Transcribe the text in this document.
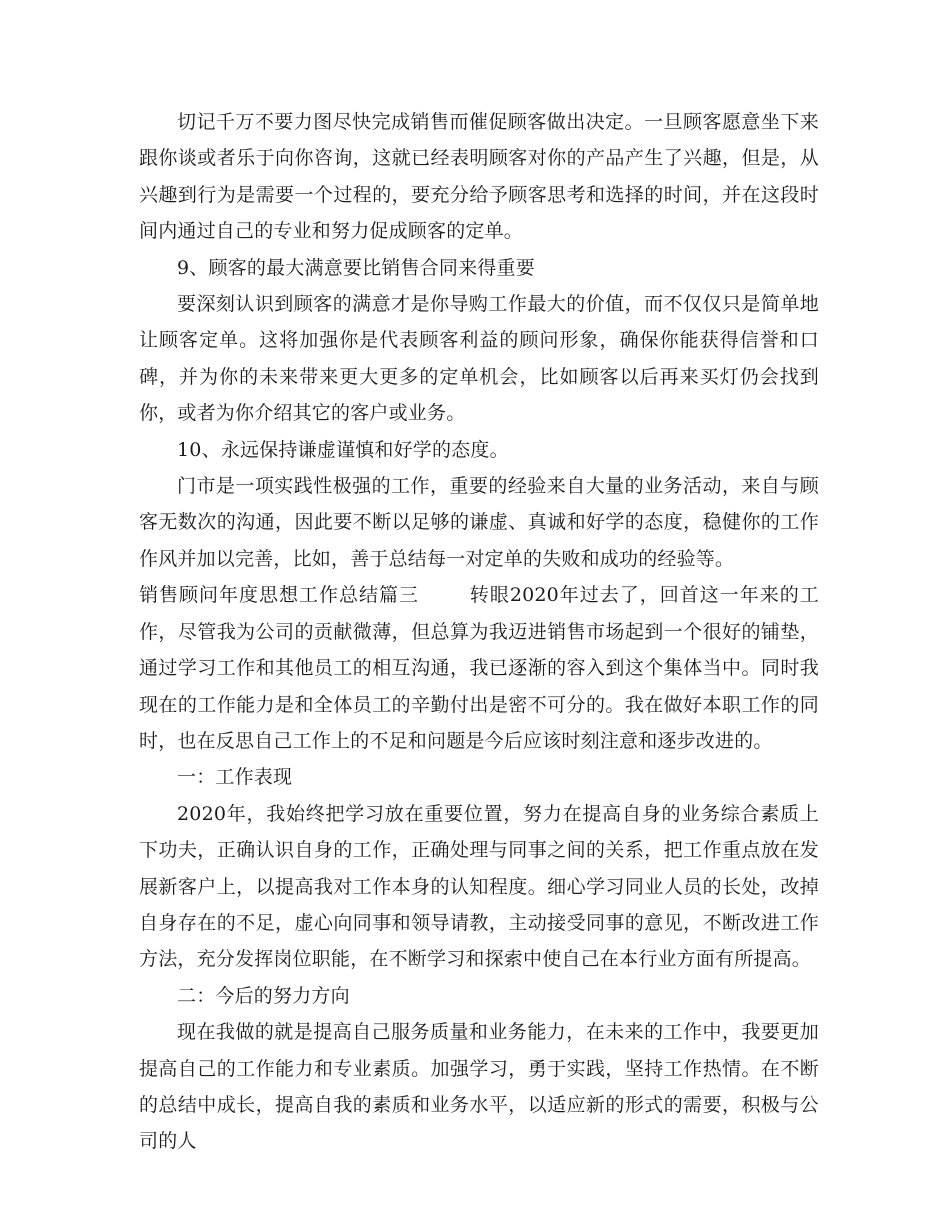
切记千万不要力图尽快完成销售而催促顾客做出决定。一旦顾客愿意坐下来跟你谈或者乐于向你咨询，这就已经表明顾客对你的产品产生了兴趣，但是，从兴趣到行为是需要一个过程的，要充分给予顾客思考和选择的时间，并在这段时间内通过自己的专业和努力促成顾客的定单。

9、顾客的最大满意要比销售合同来得重要

要深刻认识到顾客的满意才是你导购工作最大的价值，而不仅仅只是简单地让顾客定单。这将加强你是代表顾客利益的顾问形象，确保你能获得信誉和口碑，并为你的未来带来更大更多的定单机会，比如顾客以后再来买灯仍会找到你，或者为你介绍其它的客户或业务。

10、永远保持谦虚谨慎和好学的态度。

门市是一项实践性极强的工作，重要的经验来自大量的业务活动，来自与顾客无数次的沟通，因此要不断以足够的谦虚、真诚和好学的态度，稳健你的工作作风并加以完善，比如，善于总结每一对定单的失败和成功的经验等。

销售顾问年度思想工作总结篇三	转眼2020年过去了，回首这一年来的工作，尽管我为公司的贡献微薄，但总算为我迈进销售市场起到一个很好的铺垫，通过学习工作和其他员工的相互沟通，我已逐渐的容入到这个集体当中。同时我现在的工作能力是和全体员工的辛勤付出是密不可分的。我在做好本职工作的同时，也在反思自己工作上的不足和问题是今后应该时刻注意和逐步改进的。

一：工作表现

2020年，我始终把学习放在重要位置，努力在提高自身的业务综合素质上下功夫，正确认识自身的工作，正确处理与同事之间的关系，把工作重点放在发展新客户上，以提高我对工作本身的认知程度。细心学习同业人员的长处，改掉自身存在的不足，虚心向同事和领导请教，主动接受同事的意见，不断改进工作方法，充分发挥岗位职能，在不断学习和探索中使自己在本行业方面有所提高。

二：今后的努力方向

现在我做的就是提高自己服务质量和业务能力，在未来的工作中，我要更加提高自己的工作能力和专业素质。加强学习，勇于实践，坚持工作热情。在不断的总结中成长，提高自我的素质和业务水平，以适应新的形式的需要，积极与公司的人
